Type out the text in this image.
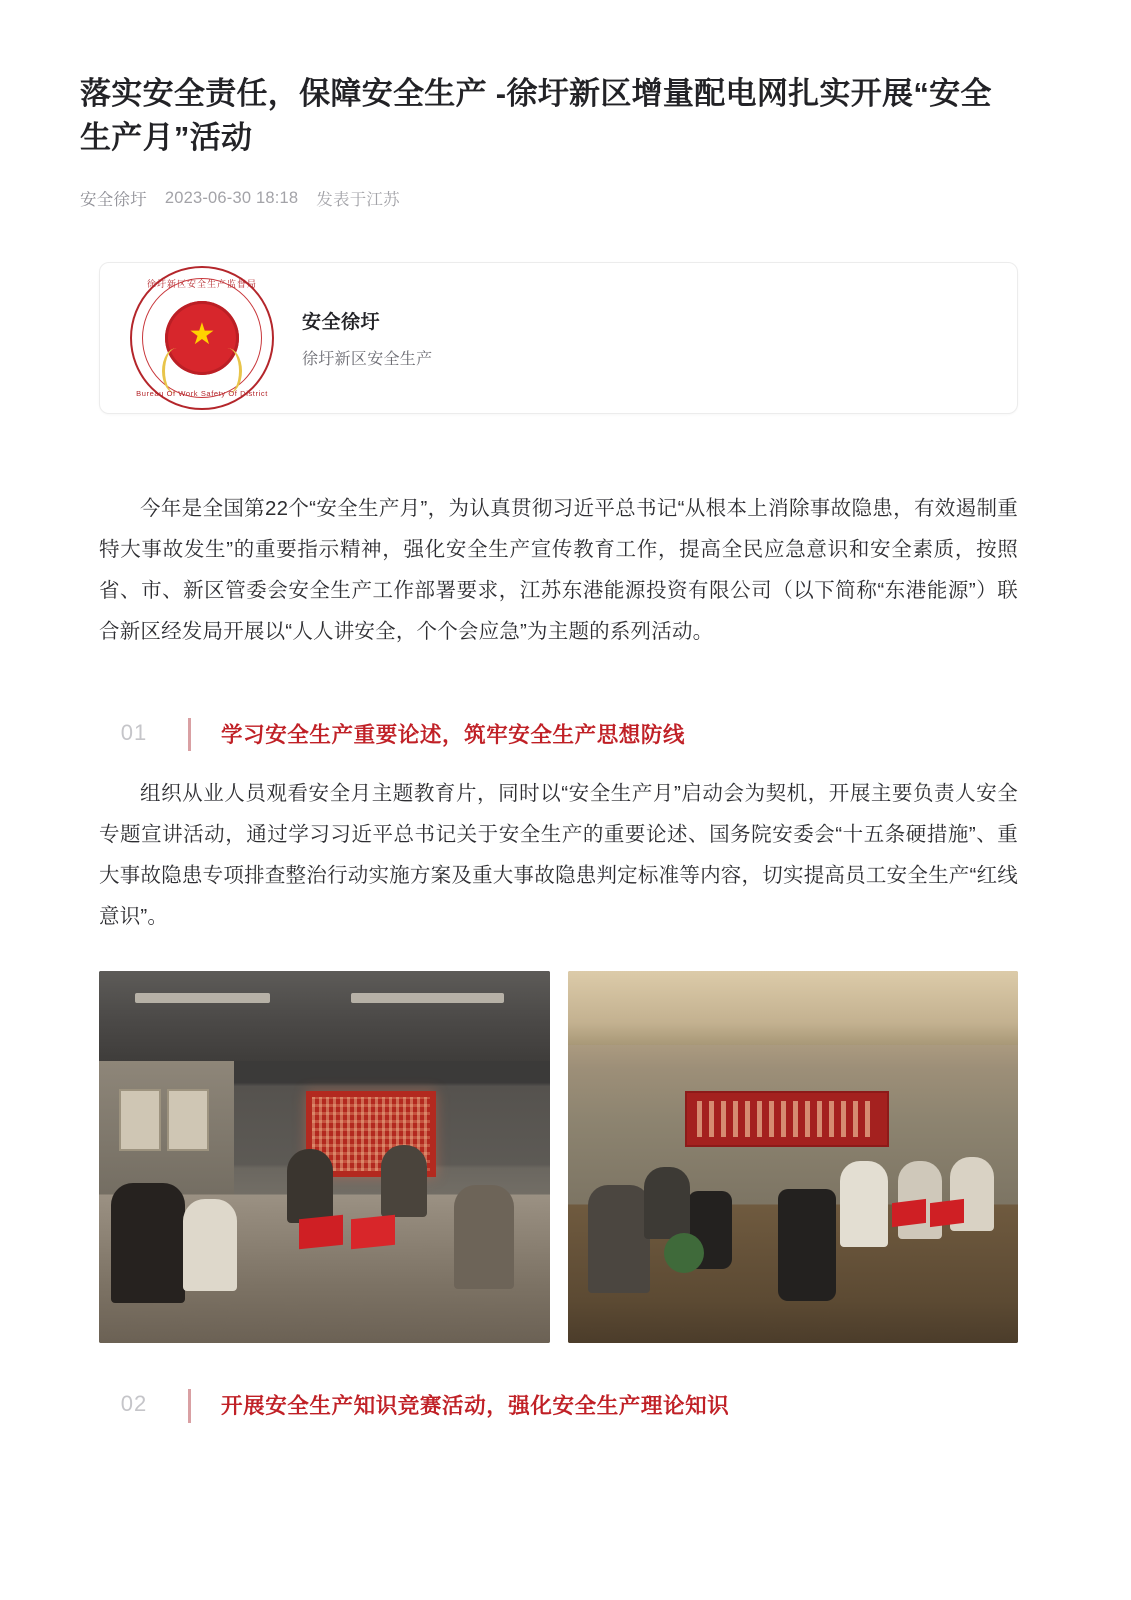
落实安全责任，保障安全生产 -徐圩新区增量配电网扎实开展“安全生产月”活动
安全徐圩 2023-06-30 18:18 发表于江苏
徐圩新区安全生产监督局
★
Bureau Of Work Safety Of District
安全徐圩
徐圩新区安全生产

今年是全国第22个“安全生产月”，为认真贯彻习近平总书记“从根本上消除事故隐患，有效遏制重特大事故发生”的重要指示精神，强化安全生产宣传教育工作，提高全民应急意识和安全素质，按照省、市、新区管委会安全生产工作部署要求，江苏东港能源投资有限公司（以下简称“东港能源”）联合新区经发局开展以“人人讲安全，个个会应急”为主题的系列活动。

01	学习安全生产重要论述，筑牢安全生产思想防线

组织从业人员观看安全月主题教育片，同时以“安全生产月”启动会为契机，开展主要负责人安全专题宣讲活动，通过学习习近平总书记关于安全生产的重要论述、国务院安委会“十五条硬措施”、重大事故隐患专项排查整治行动实施方案及重大事故隐患判定标准等内容，切实提高员工安全生产“红线意识”。

02	开展安全生产知识竞赛活动，强化安全生产理论知识
